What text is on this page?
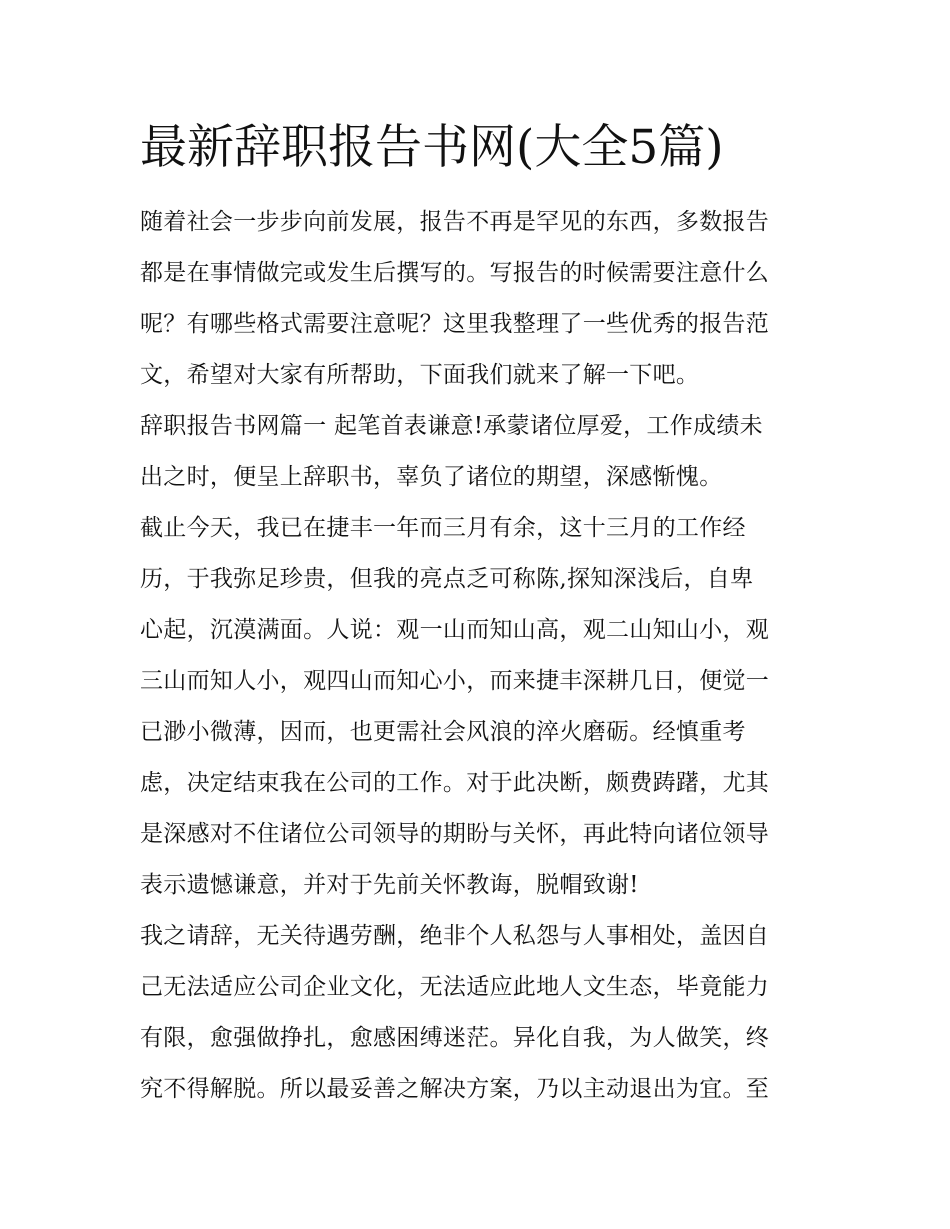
最新辞职报告书网(大全5篇)
随着社会一步步向前发展，报告不再是罕见的东西，多数报告
都是在事情做完或发生后撰写的。写报告的时候需要注意什么
呢？有哪些格式需要注意呢？这里我整理了一些优秀的报告范
文，希望对大家有所帮助，下面我们就来了解一下吧。
辞职报告书网篇一 起笔首表谦意!承蒙诸位厚爱，工作成绩未
出之时，便呈上辞职书，辜负了诸位的期望，深感惭愧。
截止今天，我已在捷丰一年而三月有余，这十三月的工作经
历，于我弥足珍贵，但我的亮点乏可称陈,探知深浅后，自卑
心起，沉漠满面。人说：观一山而知山高，观二山知山小，观
三山而知人小，观四山而知心小，而来捷丰深耕几日，便觉一
已渺小微薄，因而，也更需社会风浪的淬火磨砺。经慎重考
虑，决定结束我在公司的工作。对于此决断，颇费踌躇，尤其
是深感对不住诸位公司领导的期盼与关怀，再此特向诸位领导
表示遗憾谦意，并对于先前关怀教诲，脱帽致谢!
我之请辞，无关待遇劳酬，绝非个人私怨与人事相处，盖因自
己无法适应公司企业文化，无法适应此地人文生态，毕竟能力
有限，愈强做挣扎，愈感困缚迷茫。异化自我，为人做笑，终
究不得解脱。所以最妥善之解决方案，乃以主动退出为宜。至
